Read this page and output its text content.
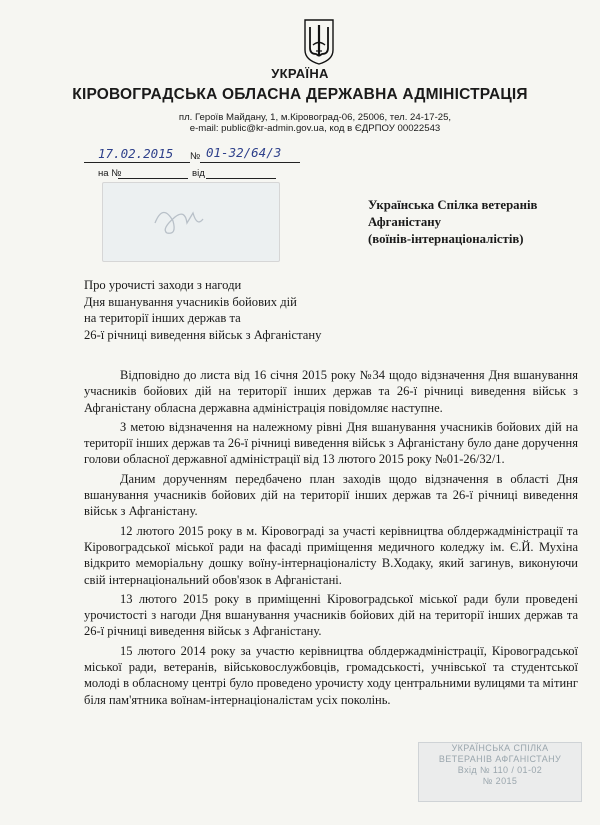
УКРАЇНА
КІРОВОГРАДСЬКА ОБЛАСНА ДЕРЖАВНА АДМІНІСТРАЦІЯ
пл. Героїв Майдану, 1, м.Кіровоград-06, 25006, тел. 24-17-25,
e-mail: public@kr-admin.gov.ua, код в ЄДРПОУ 00022543
17.02.2015 № 01-32/64/3
на №	від
Українська Спілка ветеранів
Афганістану
(воїнів-інтернаціоналістів)
Про урочисті заходи з нагоди
Дня вшанування учасників бойових дій
на території інших держав та
26-ї річниці виведення військ з Афганістану

Відповідно до листа від 16 січня 2015 року №34 щодо відзначення Дня вшанування учасників бойових дій на території інших держав та 26-ї річниці виведення військ з Афганістану обласна державна адміністрація повідомляє наступне.

З метою відзначення на належному рівні Дня вшанування учасників бойових дій на території інших держав та 26-ї річниці виведення військ з Афганістану було дане доручення голови обласної державної адміністрації від 13 лютого 2015 року №01-26/32/1.

Даним дорученням передбачено план заходів щодо відзначення в області Дня вшанування учасників бойових дій на території інших держав та 26-ї річниці виведення військ з Афганістану.

12 лютого 2015 року в м. Кіровограді за участі керівництва облдержадміністрації та Кіровоградської міської ради на фасаді приміщення медичного коледжу ім. Є.Й. Мухіна відкрито меморіальну дошку воїну-інтернаціоналісту В.Ходаку, який загинув, виконуючи свій інтернаціональний обов'язок в Афганістані.

13 лютого 2015 року в приміщенні Кіровоградської міської ради були проведені урочистості з нагоди Дня вшанування учасників бойових дій на території інших держав та 26-ї річниці виведення військ з Афганістану.

15 лютого 2014 року за участю керівництва облдержадміністрації, Кіровоградської міської ради, ветеранів, військовослужбовців, громадськості, учнівської та студентської молоді в обласному центрі було проведено урочисту ходу центральними вулицями та мітинг біля пам'ятника воїнам-інтернаціоналістам усіх поколінь.

УКРАЇНСЬКА СПІЛКА
ВЕТЕРАНІВ АФГАНІСТАНУ
Вхід № 110 / 01-02
№ 2015
